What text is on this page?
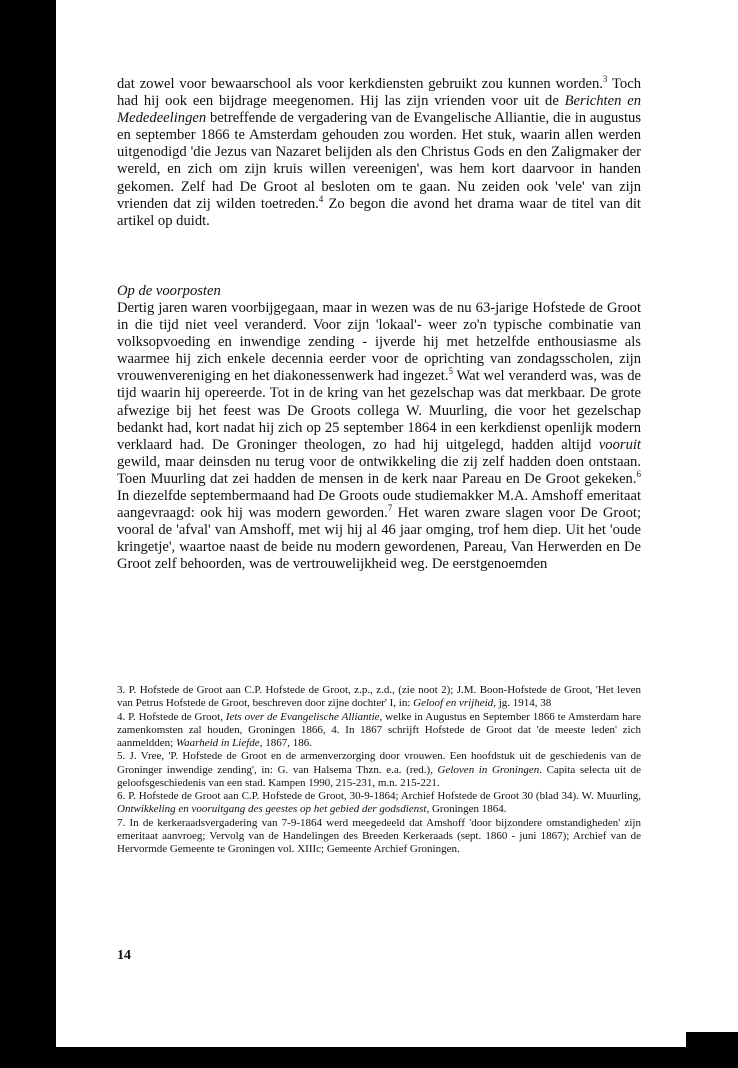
dat zowel voor bewaarschool als voor kerkdiensten gebruikt zou kunnen worden.$^3$ Toch had hij ook een bijdrage meegenomen. Hij las zijn vrienden voor uit de Berichten en Mededeelingen betreffende de vergadering van de Evangelische Alliantie, die in augustus en september 1866 te Amsterdam gehouden zou worden. Het stuk, waarin allen werden uitgenodigd 'die Jezus van Nazaret belijden als den Christus Gods en den Zaligmaker der wereld, en zich om zijn kruis willen vereenigen', was hem kort daarvoor in handen gekomen. Zelf had De Groot al besloten om te gaan. Nu zeiden ook 'vele' van zijn vrienden dat zij wilden toetreden.$^4$ Zo begon die avond het drama waar de titel van dit artikel op duidt.

Op de voorposten

Dertig jaren waren voorbijgegaan, maar in wezen was de nu 63-jarige Hofstede de Groot in die tijd niet veel veranderd. Voor zijn 'lokaal'- weer zo'n typische combinatie van volksopvoeding en inwendige zending - ijverde hij met hetzelfde enthousiasme als waarmee hij zich enkele decennia eerder voor de oprichting van zondagsscholen, zijn vrouwenvereniging en het diakonessenwerk had ingezet.$^5$ Wat wel veranderd was, was de tijd waarin hij opereerde. Tot in de kring van het gezelschap was dat merkbaar. De grote afwezige bij het feest was De Groots collega W. Muurling, die voor het gezelschap bedankt had, kort nadat hij zich op 25 september 1864 in een kerkdienst openlijk modern verklaard had. De Groninger theologen, zo had hij uitgelegd, hadden altijd vooruit gewild, maar deinsden nu terug voor de ontwikkeling die zij zelf hadden doen ontstaan. Toen Muurling dat zei hadden de mensen in de kerk naar Pareau en De Groot gekeken.$^6$ In diezelfde septembermaand had De Groots oude studiemakker M.A. Amshoff emeritaat aangevraagd: ook hij was modern geworden.$^7$ Het waren zware slagen voor De Groot; vooral de 'afval' van Amshoff, met wij hij al 46 jaar omging, trof hem diep. Uit het 'oude kringetje', waartoe naast de beide nu modern gewordenen, Pareau, Van Herwerden en De Groot zelf behoorden, was de vertrouwelijkheid weg. De eerstgenoemden

3. P. Hofstede de Groot aan C.P. Hofstede de Groot, z.p., z.d., (zie noot 2); J.M. Boon-Hofstede de Groot, 'Het leven van Petrus Hofstede de Groot, beschreven door zijne dochter' I, in: Geloof en vrijheid, jg. 1914, 38
4. P. Hofstede de Groot, Iets over de Evangelische Alliantie, welke in Augustus en September 1866 te Amsterdam hare zamenkomsten zal houden, Groningen 1866, 4. In 1867 schrijft Hofstede de Groot dat 'de meeste leden' zich aanmeldden; Waarheid in Liefde, 1867, 186.
5. J. Vree, 'P. Hofstede de Groot en de armenverzorging door vrouwen. Een hoofdstuk uit de geschiedenis van de Groninger inwendige zending', in: G. van Halsema Thzn. e.a. (red.), Geloven in Groningen. Capita selecta uit de geloofsgeschiedenis van een stad. Kampen 1990, 215-231, m.n. 215-221.
6. P. Hofstede de Groot aan C.P. Hofstede de Groot, 30-9-1864; Archief Hofstede de Groot 30 (blad 34). W. Muurling, Ontwikkeling en vooruitgang des geestes op het gebied der godsdienst, Groningen 1864.
7. In de kerkeraadsvergadering van 7-9-1864 werd meegedeeld dat Amshoff 'door bijzondere omstandigheden' zijn emeritaat aanvroeg; Vervolg van de Handelingen des Breeden Kerkeraads (sept. 1860 - juni 1867); Archief van de Hervormde Gemeente te Groningen vol. XIIIc; Gemeente Archief Groningen.
14
